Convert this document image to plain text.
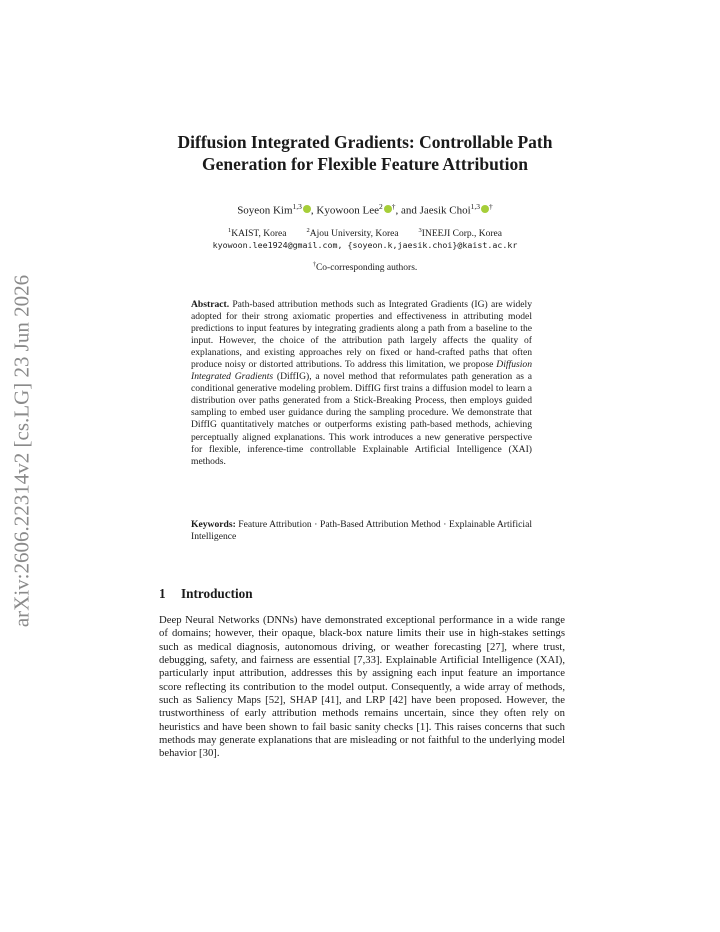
arXiv:2606.22314v2 [cs.LG] 23 Jun 2026
Diffusion Integrated Gradients: Controllable Path Generation for Flexible Feature Attribution
Soyeon Kim$^{1,3}$ , Kyowoon Lee$^2$ †, and Jaesik Choi$^{1,3}$ †
$^1$KAIST, Korea	$^2$Ajou University, Korea	$^3$INEEJI Corp., Korea
kyowoon.lee1924@gmail.com, {soyeon.k,jaesik.choi}@kaist.ac.kr
†Co-corresponding authors.
Abstract. Path-based attribution methods such as Integrated Gradients (IG) are widely adopted for their strong axiomatic properties and effectiveness in attributing model predictions to input features by integrating gradients along a path from a baseline to the input. However, the choice of the attribution path largely affects the quality of explanations, and existing approaches rely on fixed or hand-crafted paths that often produce noisy or distorted attributions. To address this limitation, we propose Diffusion Integrated Gradients (DiffIG), a novel method that reformulates path generation as a conditional generative modeling problem. DiffIG first trains a diffusion model to learn a distribution over paths generated from a Stick-Breaking Process, then employs guided sampling to embed user guidance during the sampling procedure. We demonstrate that DiffIG quantitatively matches or outperforms existing path-based methods, achieving perceptually aligned explanations. This work introduces a new generative perspective for flexible, inference-time controllable Explainable Artificial Intelligence (XAI) methods.
Keywords: Feature Attribution · Path-Based Attribution Method · Explainable Artificial Intelligence
1 Introduction
Deep Neural Networks (DNNs) have demonstrated exceptional performance in a wide range of domains; however, their opaque, black-box nature limits their use in high-stakes settings such as medical diagnosis, autonomous driving, or weather forecasting [27], where trust, debugging, safety, and fairness are essential [7,33]. Explainable Artificial Intelligence (XAI), particularly input attribution, addresses this by assigning each input feature an importance score reflecting its contribution to the model output. Consequently, a wide array of methods, such as Saliency Maps [52], SHAP [41], and LRP [42] have been proposed. However, the trustworthiness of early attribution methods remains uncertain, since they often rely on heuristics and have been shown to fail basic sanity checks [1]. This raises concerns that such methods may generate explanations that are misleading or not faithful to the underlying model behavior [30].
